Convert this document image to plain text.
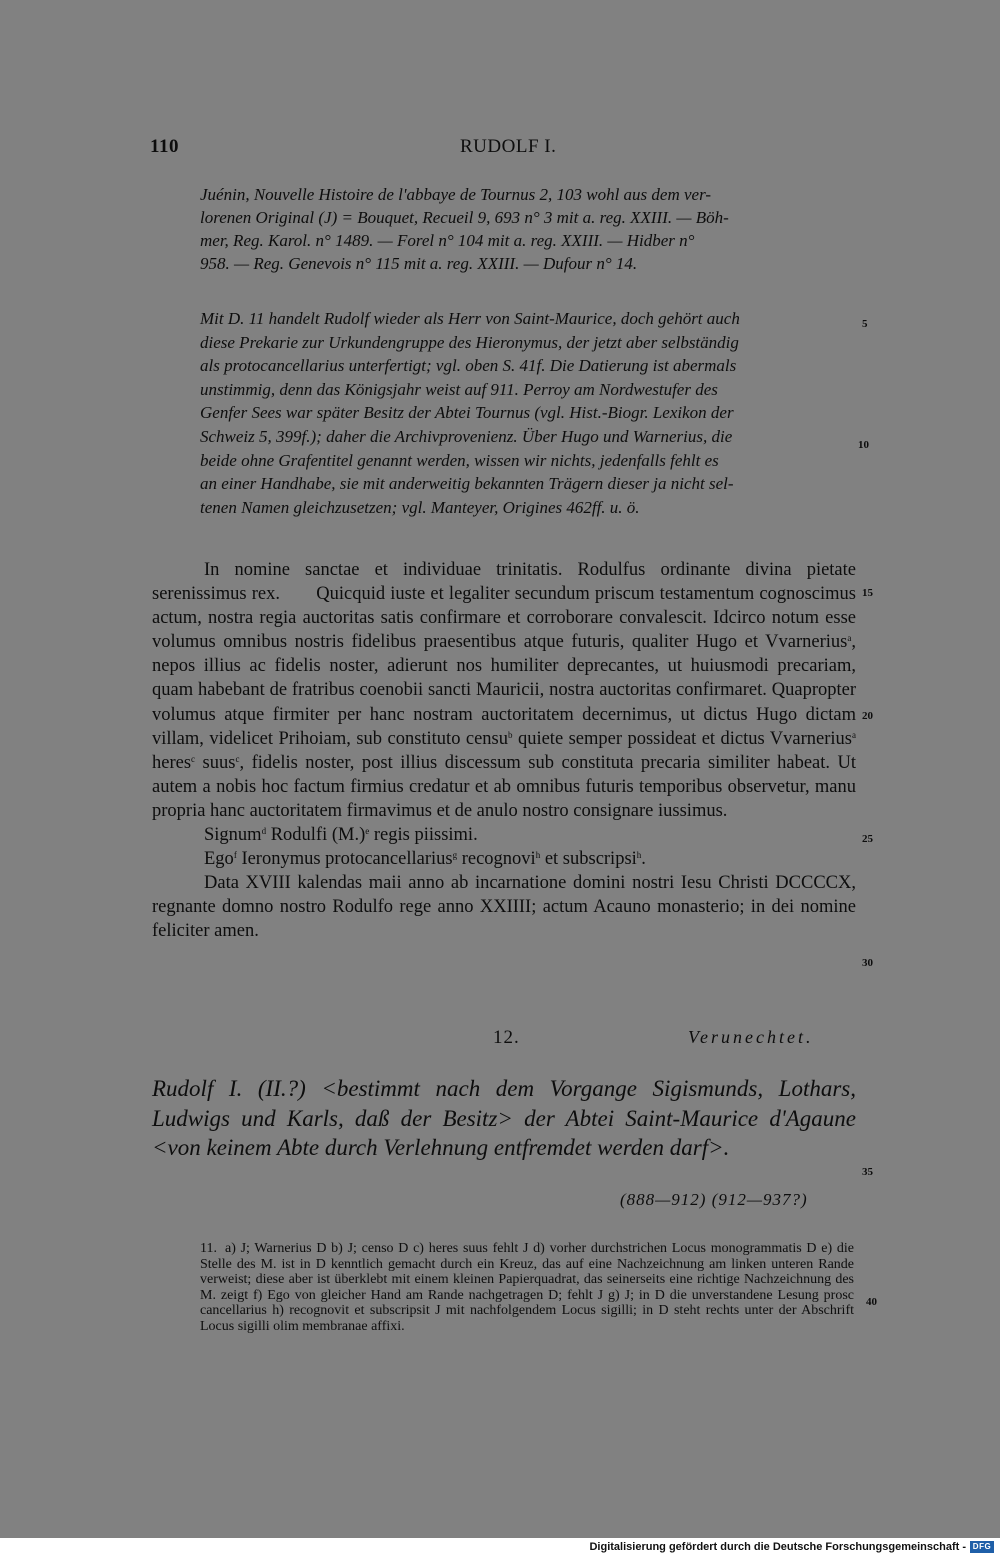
110	RUDOLF I.
Juénin, Nouvelle Histoire de l'abbaye de Tournus 2, 103 wohl aus dem ver-
lorenen Original (J) = Bouquet, Recueil 9, 693 n° 3 mit a. reg. XXIII. — Böh-
mer, Reg. Karol. n° 1489. — Forel n° 104 mit a. reg. XXIII. — Hidber n°
958. — Reg. Genevois n° 115 mit a. reg. XXIII. — Dufour n° 14.
Mit D. 11 handelt Rudolf wieder als Herr von Saint-Maurice, doch gehört auch
diese Prekarie zur Urkundengruppe des Hieronymus, der jetzt aber selbständig
als protocancellarius unterfertigt; vgl. oben S. 41f. Die Datierung ist abermals
unstimmig, denn das Königsjahr weist auf 911. Perroy am Nordwestufer des
Genfer Sees war später Besitz der Abtei Tournus (vgl. Hist.-Biogr. Lexikon der
Schweiz 5, 399f.); daher die Archivprovenienz. Über Hugo und Warnerius, die
beide ohne Grafentitel genannt werden, wissen wir nichts, jedenfalls fehlt es
an einer Handhabe, sie mit anderweitig bekannten Trägern dieser ja nicht sel-
tenen Namen gleichzusetzen; vgl. Manteyer, Origines 462ff. u. ö.

In nomine sanctae et individuae trinitatis. Rodulfus ordinante divina pietate serenissimus rex. Quicquid iuste et legaliter secundum priscum testamentum cognoscimus actum, nostra regia auctoritas satis confirmare et corroborare convalescit. Idcirco notum esse volumus omnibus nostris fidelibus praesentibus atque futuris, qualiter Hugo et Vvarnerius$^a$, nepos illius ac fidelis noster, adierunt nos humiliter deprecantes, ut huiusmodi precariam, quam habebant de fratribus coenobii sancti Mauricii, nostra auctoritas confirmaret. Quapropter volumus atque firmiter per hanc nostram auctoritatem decernimus, ut dictus Hugo dictam villam, videlicet Prihoiam, sub constituto censu$^b$ quiete semper possideat et dictus Vvarnerius$^a$ heres$^c$ suus$^c$, fidelis noster, post illius discessum sub constituta precaria similiter habeat. Ut autem a nobis hoc factum firmius credatur et ab omnibus futuris temporibus observetur, manu propria hanc auctoritatem firmavimus et de anulo nostro consignare iussimus.

Signum$^d$ Rodulfi $(M.)^e$ regis piissimi.

Ego$^f$ Ieronymus protocancellarius$^g$ recognovi$^h$ et subscripsi$^h$.

Data XVIII kalendas maii anno ab incarnatione domini nostri Iesu Christi DCCCCX, regnante domno nostro Rodulfo rege anno XXIIII; actum Acauno monasterio; in dei nomine feliciter amen.

5
10
15
20
25
30
35
40
12.	Verunechtet.
Rudolf I. (II.?) <bestimmt nach dem Vorgange Sigismunds, Lothars, Ludwigs und Karls, daß der Besitz> der Abtei Saint-Maurice d'Agaune <von keinem Abte durch Verlehnung entfremdet werden darf>.
(888—912) (912—937?)
11. a) J; Warnerius D b) J; censo D c) heres suus fehlt J d) vorher durchstrichen Locus monogrammatis D e) die Stelle des M. ist in D kenntlich gemacht durch ein Kreuz, das auf eine Nachzeichnung am linken unteren Rande verweist; diese aber ist überklebt mit einem kleinen Papierquadrat, das seinerseits eine richtige Nachzeichnung des M. zeigt f) Ego von gleicher Hand am Rande nachgetragen D; fehlt J g) J; in D die unverstandene Lesung prosc cancellarius h) recognovit et subscripsit J mit nachfolgendem Locus sigilli; in D steht rechts unter der Abschrift Locus sigilli olim membranae affixi.
Digitalisierung gefördert durch die Deutsche Forschungsgemeinschaft - DFG
